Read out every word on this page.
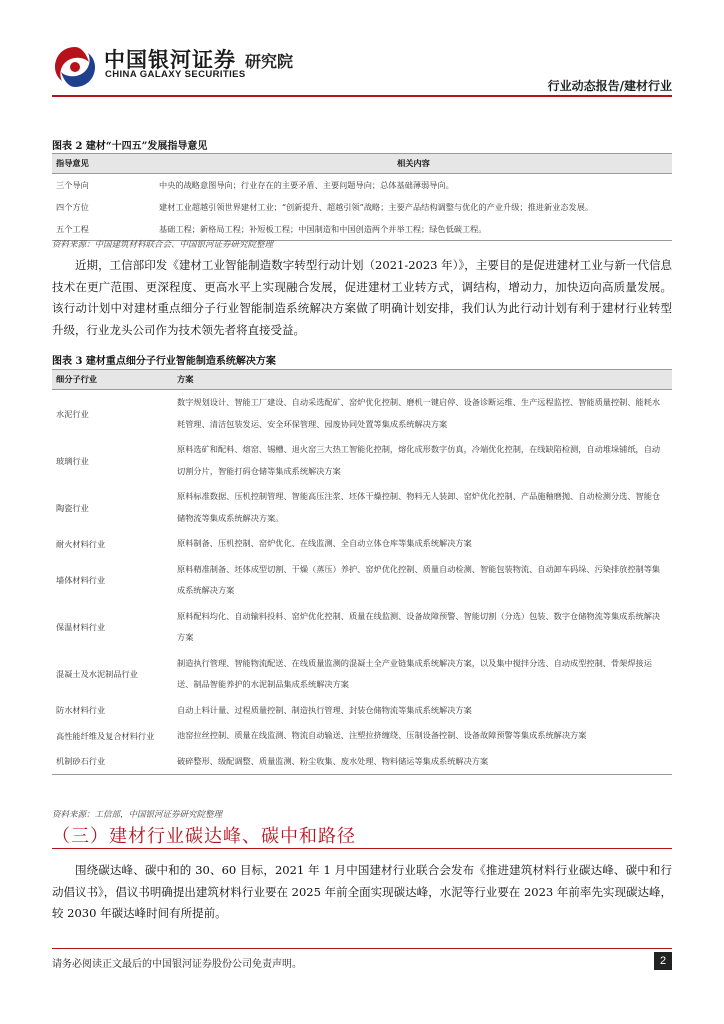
中国银河证券
CHINA GALAXY SECURITIES
研究院
行业动态报告/建材行业
图表 2 建材“十四五”发展指导意见
指导意见	相关内容
三个导向	中央的战略意图导向；行业存在的主要矛盾、主要问题导向；总体基础薄弱导向。
四个方位	建材工业超越引领世界建材工业；“创新提升、超越引领”战略；主要产品结构调整与优化的产业升级；推进新业态发展。
五个工程	基础工程；新格局工程；补短板工程；中国制造和中国创造两个并举工程；绿色低碳工程。
资料来源：中国建筑材料联合会、中国银河证券研究院整理
近期，工信部印发《建材工业智能制造数字转型行动计划（2021-2023 年）》，主要目的是促进建材工业与新一代信息技术在更广范围、更深程度、更高水平上实现融合发展，促进建材工业转方式，调结构，增动力，加快迈向高质量发展。该行动计划中对建材重点细分子行业智能制造系统解决方案做了明确计划安排，我们认为此行动计划有利于建材行业转型升级，行业龙头公司作为技术领先者将直接受益。
图表 3 建材重点细分子行业智能制造系统解决方案
细分子行业	方案
水泥行业	数字规划设计、智能工厂建设、自动采选配矿、窑炉优化控制、磨机一键启停、设备诊断运维、生产远程监控、智能质量控制、能耗水耗管理、清洁包装发运、安全环保管理、园废协同处置等集成系统解决方案
玻璃行业	原料选矿和配料、熔窑、锡槽、退火窑三大热工智能化控制，熔化成形数字仿真，冷端优化控制，在线缺陷检测，自动堆垛铺纸，自动切割分片，智能打码仓储等集成系统解决方案
陶瓷行业	原料标准数据、压机控制管理、智能高压注浆、坯体干燥控制、物料无人装卸、窑炉优化控制、产品施釉磨抛、自动检测分选、智能仓储物流等集成系统解决方案。
耐火材料行业	原料制备、压机控制、窑炉优化、在线监测、全自动立体仓库等集成系统解决方案
墙体材料行业	原料精准制备、坯体成型切割、干燥（蒸压）养护、窑炉优化控制、质量自动检测、智能包装物流、自动卸车码垛、污染排放控制等集成系统解决方案
保温材料行业	原料配料均化、自动输料投料、窑炉优化控制、质量在线监测、设备故障预警、智能切割（分选）包装、数字仓储物流等集成系统解决方案
混凝土及水泥制品行业	制造执行管理、智能物流配送、在线质量监测的混凝土全产业链集成系统解决方案，以及集中搅拌分选、自动成型控制、骨架焊接运送、制品智能养护的水泥制品集成系统解决方案
防水材料行业	自动上料计量、过程质量控制、制造执行管理、封装仓储物流等集成系统解决方案
高性能纤维及复合材料行业	池窑拉丝控制、质量在线监测、物流自动输送、注塑拉挤缠绕、压制设备控制、设备故障预警等集成系统解决方案
机制砂石行业	破碎整形、级配调整、质量监测、粉尘收集、废水处理、物料储运等集成系统解决方案
资料来源：工信部，中国银河证券研究院整理
（三）建材行业碳达峰、碳中和路径
围绕碳达峰、碳中和的 30、60 目标，2021 年 1 月中国建材行业联合会发布《推进建筑材料行业碳达峰、碳中和行动倡议书》，倡议书明确提出建筑材料行业要在 2025 年前全面实现碳达峰，水泥等行业要在 2023 年前率先实现碳达峰，较 2030 年碳达峰时间有所提前。
请务必阅读正文最后的中国银河证券股份公司免责声明。	2
